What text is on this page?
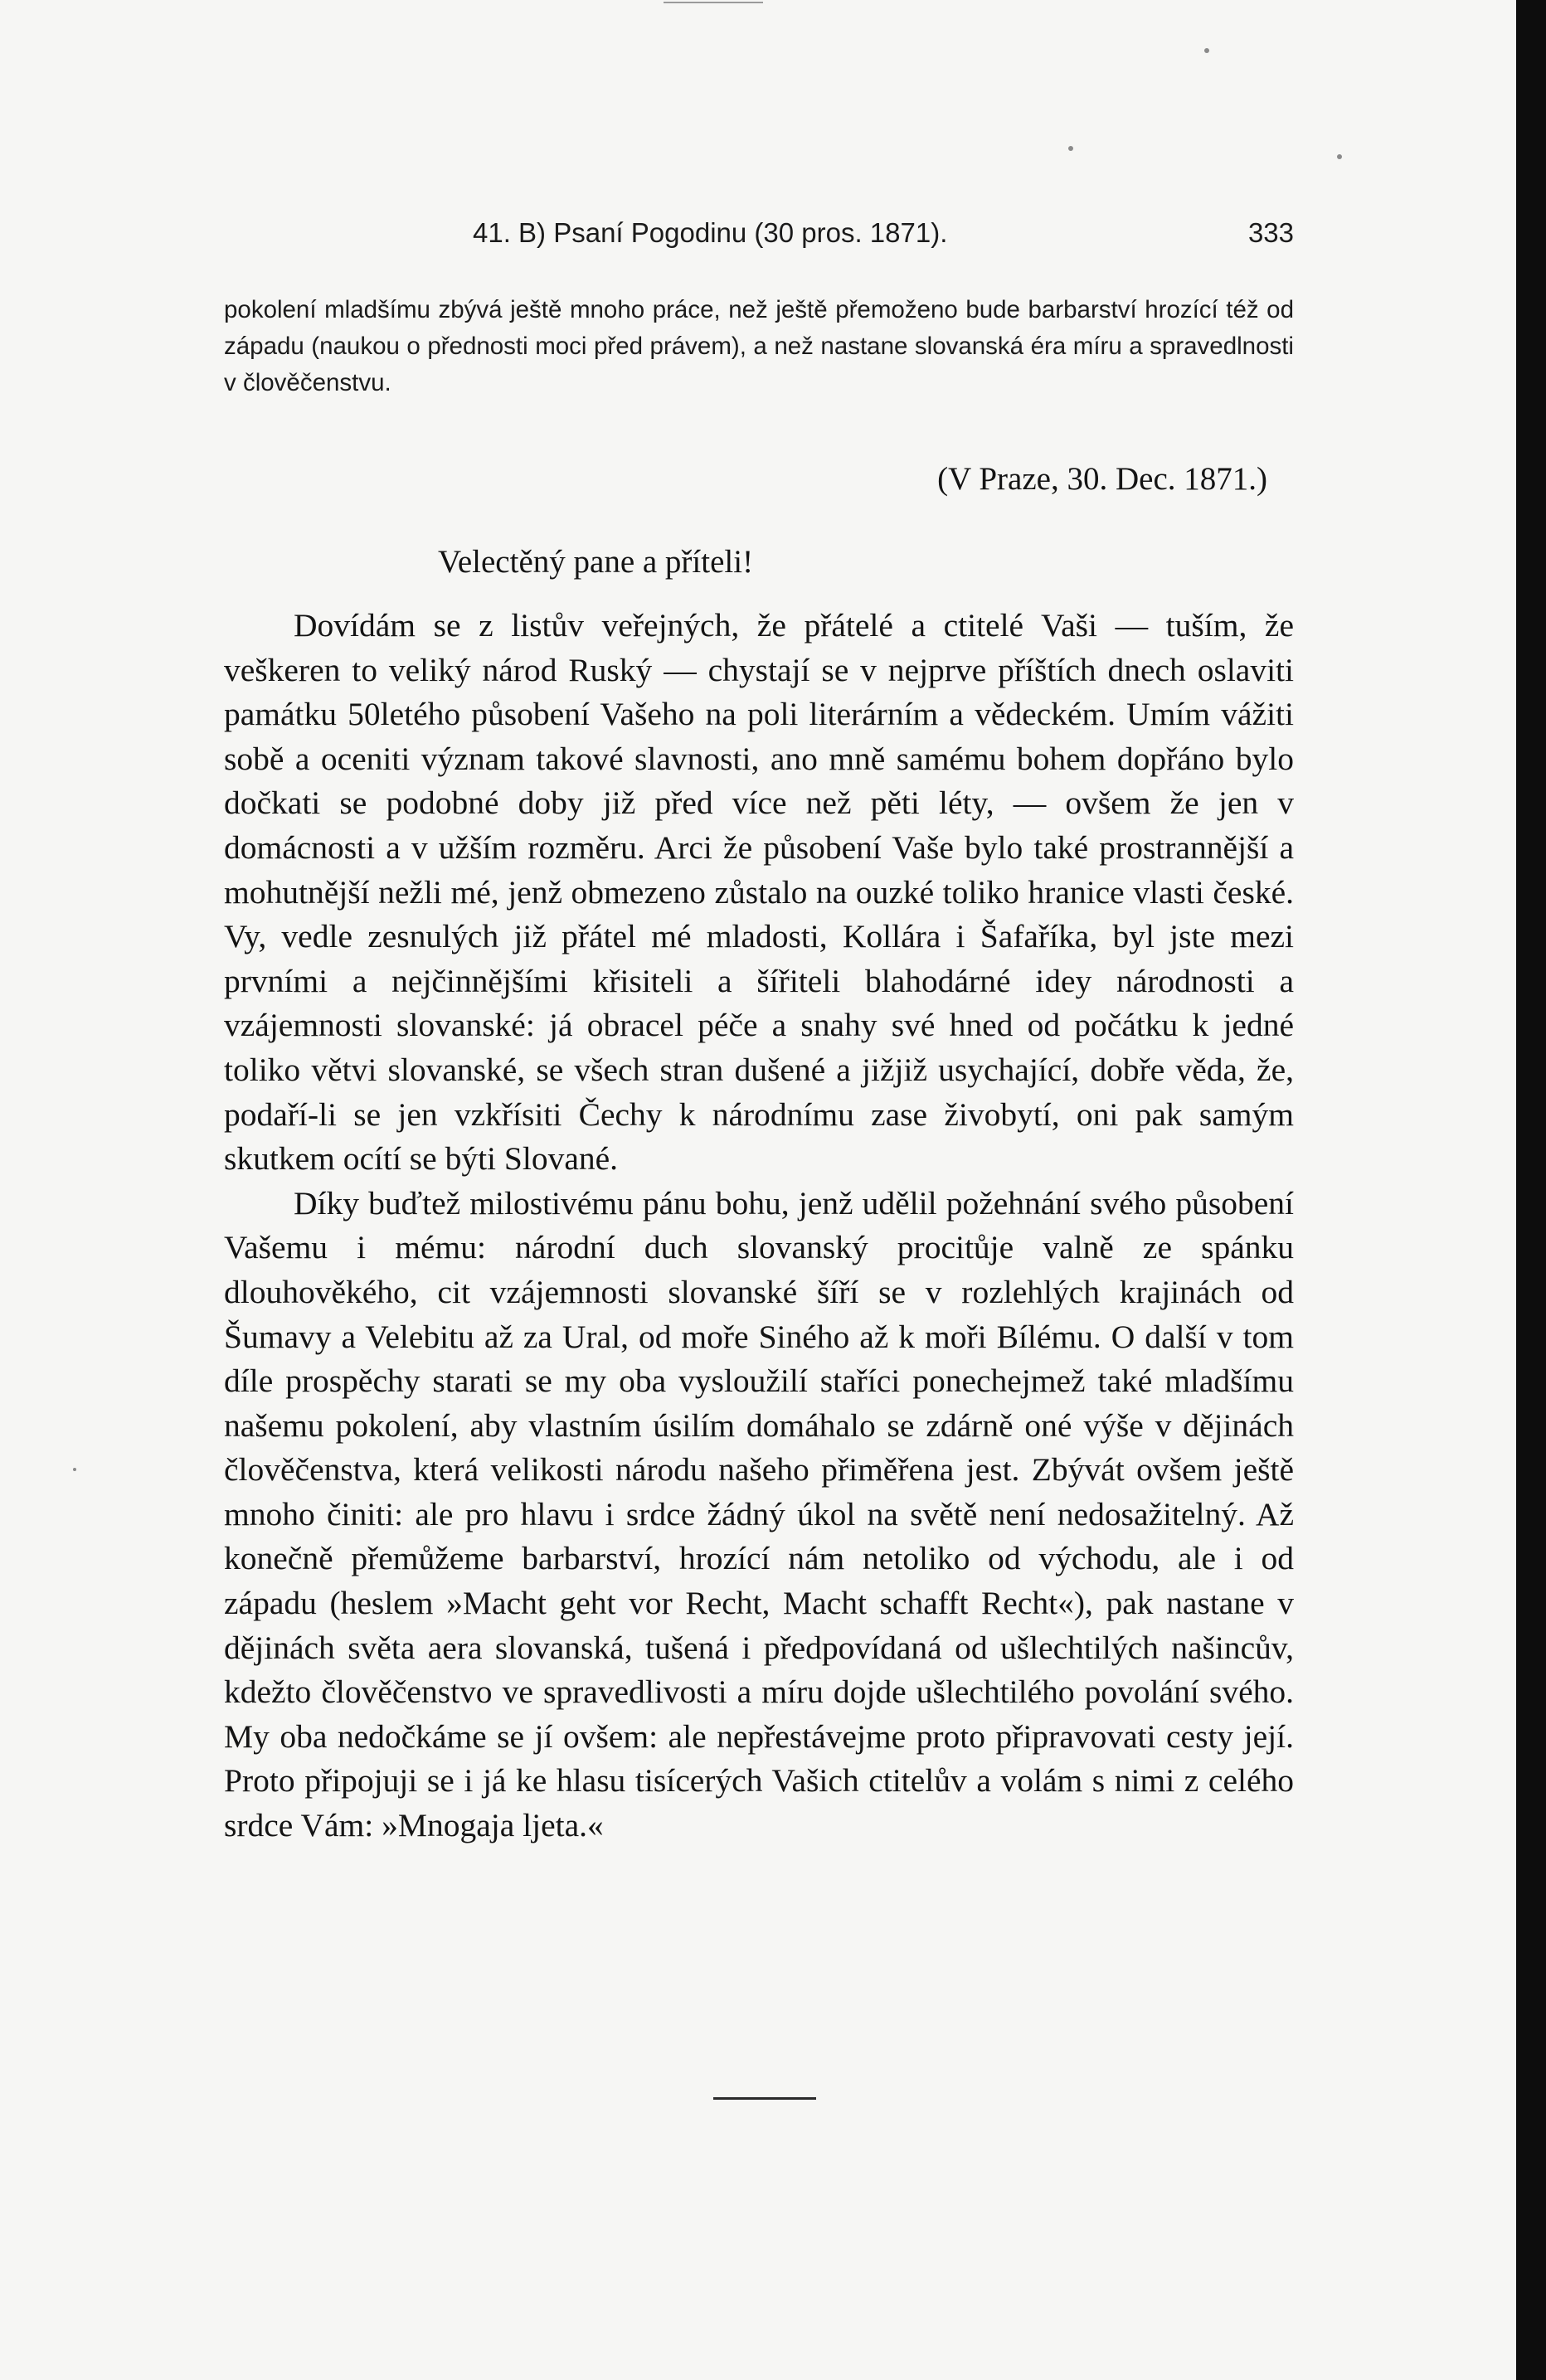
41. B) Psaní Pogodinu (30 pros. 1871).	333
pokolení mladšímu zbývá ještě mnoho práce, než ještě přemoženo bude barbarství hrozící též od západu (naukou o přednosti moci před právem), a než nastane slovanská éra míru a spravedlnosti v člověčenstvu.
(V Praze, 30. Dec. 1871.)
Velectěný pane a příteli!

Dovídám se z listův veřejných, že přátelé a ctitelé Vaši — tuším, že veškeren to veliký národ Ruský — chystají se v nejprve příštích dnech oslaviti památku 50letého působení Vašeho na poli literárním a vědeckém. Umím vážiti sobě a oceniti význam takové slavnosti, ano mně samému bohem dopřáno bylo dočkati se podobné doby již před více než pěti léty, — ovšem že jen v domácnosti a v užším rozměru. Arci že působení Vaše bylo také prostrannější a mohutnější nežli mé, jenž obmezeno zůstalo na ouzké toliko hranice vlasti české. Vy, vedle zesnulých již přátel mé mladosti, Kollára i Šafaříka, byl jste mezi prvními a nejčinnějšími křisiteli a šířiteli blahodárné idey národnosti a vzájemnosti slovanské: já obracel péče a snahy své hned od počátku k jedné toliko větvi slovanské, se všech stran dušené a jižjiž usychající, dobře věda, že, podaří-li se jen vzkřísiti Čechy k národnímu zase živobytí, oni pak samým skutkem ocítí se býti Slované.

Díky buďtež milostivému pánu bohu, jenž udělil požehnání svého působení Vašemu i mému: národní duch slovanský procitůje valně ze spánku dlouhověkého, cit vzájemnosti slovanské šíří se v rozlehlých krajinách od Šumavy a Velebitu až za Ural, od moře Siného až k moři Bílému. O další v tom díle prospěchy starati se my oba vysloužilí staříci ponechejmež také mladšímu našemu pokolení, aby vlastním úsilím domáhalo se zdárně oné výše v dějinách člověčenstva, která velikosti národu našeho přiměřena jest. Zbývát ovšem ještě mnoho činiti: ale pro hlavu i srdce žádný úkol na světě není nedosažitelný. Až konečně přemůžeme barbarství, hrozící nám netoliko od východu, ale i od západu (heslem »Macht geht vor Recht, Macht schafft Recht«), pak nastane v dějinách světa aera slovanská, tušená i předpovídaná od ušlechtilých našincův, kdežto člověčenstvo ve spravedlivosti a míru dojde ušlechtilého povolání svého. My oba nedočkáme se jí ovšem: ale nepřestávejme proto připravovati cesty její. Proto připojuji se i já ke hlasu tisícerých Vašich ctitelův a volám s nimi z celého srdce Vám: »Mnogaja ljeta.«
